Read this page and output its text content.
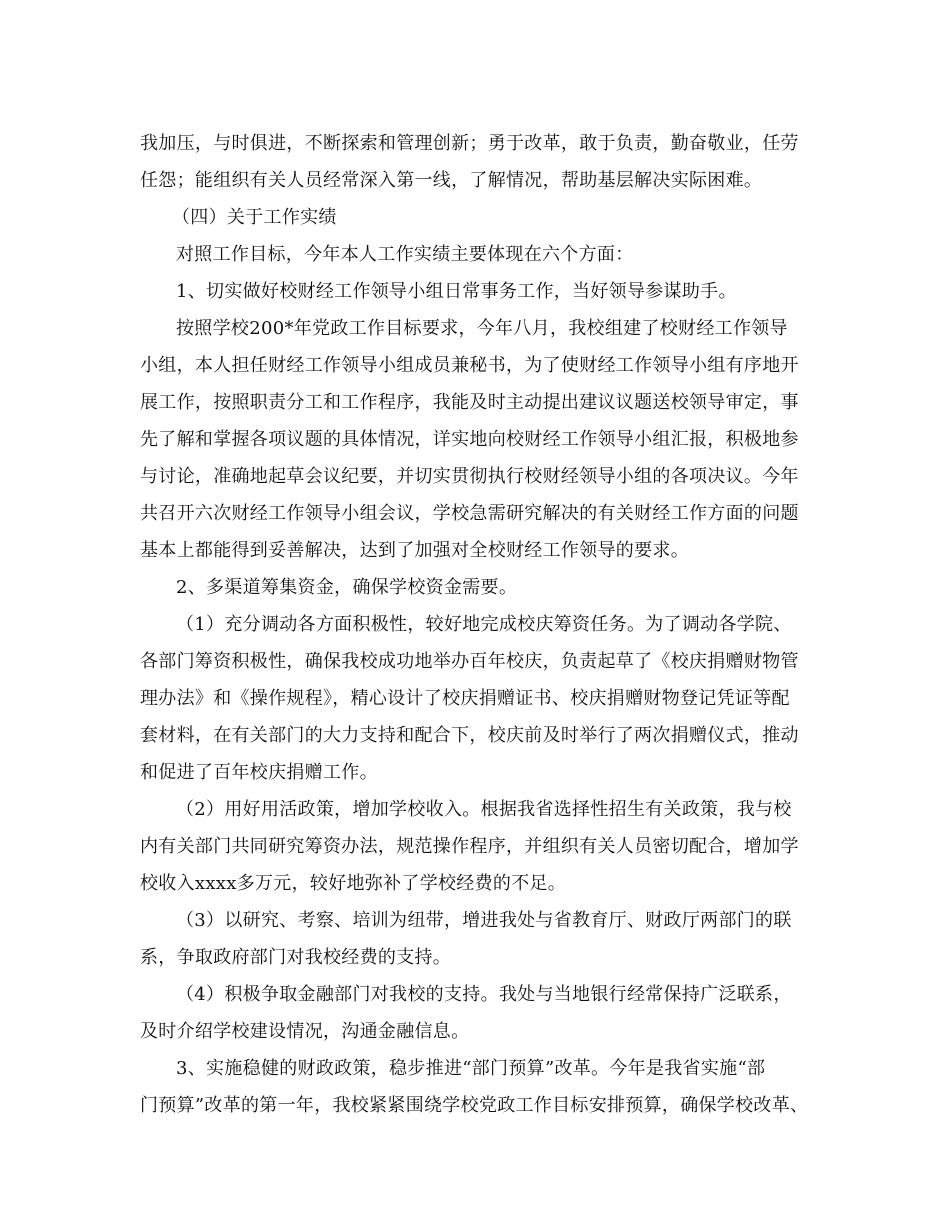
我加压，与时俱进，不断探索和管理创新；勇于改革，敢于负责，勤奋敬业，任劳
任怨；能组织有关人员经常深入第一线，了解情况，帮助基层解决实际困难。
（四）关于工作实绩
对照工作目标，今年本人工作实绩主要体现在六个方面：
1、切实做好校财经工作领导小组日常事务工作，当好领导参谋助手。
按照学校200*年党政工作目标要求，今年八月，我校组建了校财经工作领导
小组，本人担任财经工作领导小组成员兼秘书，为了使财经工作领导小组有序地开
展工作，按照职责分工和工作程序，我能及时主动提出建议议题送校领导审定，事
先了解和掌握各项议题的具体情况，详实地向校财经工作领导小组汇报，积极地参
与讨论，准确地起草会议纪要，并切实贯彻执行校财经领导小组的各项决议。今年
共召开六次财经工作领导小组会议，学校急需研究解决的有关财经工作方面的问题
基本上都能得到妥善解决，达到了加强对全校财经工作领导的要求。
2、多渠道筹集资金，确保学校资金需要。
（1）充分调动各方面积极性，较好地完成校庆筹资任务。为了调动各学院、
各部门筹资积极性，确保我校成功地举办百年校庆，负责起草了《校庆捐赠财物管
理办法》和《操作规程》，精心设计了校庆捐赠证书、校庆捐赠财物登记凭证等配
套材料，在有关部门的大力支持和配合下，校庆前及时举行了两次捐赠仪式，推动
和促进了百年校庆捐赠工作。
（2）用好用活政策，增加学校收入。根据我省选择性招生有关政策，我与校
内有关部门共同研究筹资办法，规范操作程序，并组织有关人员密切配合，增加学
校收入xxxx多万元，较好地弥补了学校经费的不足。
（3）以研究、考察、培训为纽带，增进我处与省教育厅、财政厅两部门的联
系，争取政府部门对我校经费的支持。
（4）积极争取金融部门对我校的支持。我处与当地银行经常保持广泛联系，
及时介绍学校建设情况，沟通金融信息。
3、实施稳健的财政政策，稳步推进“部门预算”改革。今年是我省实施“部
门预算”改革的第一年，我校紧紧围绕学校党政工作目标安排预算，确保学校改革、
